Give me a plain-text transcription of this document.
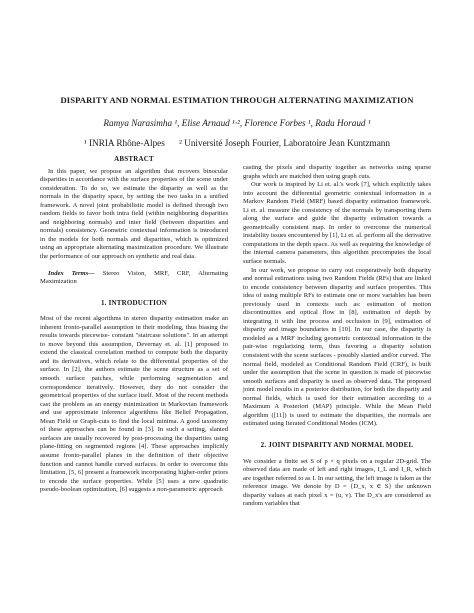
DISPARITY AND NORMAL ESTIMATION THROUGH ALTERNATING MAXIMIZATION
Ramya Narasimha ¹, Elise Arnaud ¹·², Florence Forbes ¹, Radu Horaud ¹
¹ INRIA Rhône-Alpes ² Université Joseph Fourier, Laboratoire Jean Kuntzmann

ABSTRACT

In this paper, we propose an algorithm that recovers binocular disparities in accordance with the surface properties of the scene under consideration. To do so, we estimate the disparity as well as the normals in the disparity space, by setting the two tasks in a unified framework. A novel joint probabilistic model is defined through two random fields to favor both intra field (within neighboring disparities and neighboring normals) and inter field (between disparities and normals) consistency. Geometric contextual information is introduced in the models for both normals and disparities, which is optimized using an appropriate alternating maximization procedure. We illustrate the performance of our approach on synthetic and real data.

Index Terms— Stereo Vision, MRF, CRF, Alternating Maximization

1. INTRODUCTION

Most of the recent algorithms in stereo disparity estimation make an inherent fronto-parallel assumption in their modeling, thus biasing the results towards piecewise- constant "staircase solutions". In an attempt to move beyond this assumption, Devernay et. al. [1] proposed to extend the classical correlation method to compute both the disparity and its derivatives, which relate to the differential properties of the surface. In [2], the authors estimate the scene structure as a set of smooth surface patches, while performing segmentation and correspondence iteratively. However, they do not consider the geometrical properties of the surface itself. Most of the recent methods cast the problem as an energy minimization in Markovian framework and use approximate inference algorithms like Belief Propagation, Mean Field or Graph-cuts to find the local minima. A good taxonomy of these approaches can be found in [3]. In such a setting, slanted surfaces are usually recovered by post-processing the disparities using plane-fitting on segmented regions [4]. These approaches implicitly assume fronto-parallel planes in the definition of their objective function and cannot handle curved surfaces. In order to overcome this limitation, [5, 6] present a framework incorporating higher-order priors to encode the surface properties. While [5] uses a new quadratic pseudo-boolean optimization, [6] suggests a non-parametric approach

casting the pixels and disparity together as networks using sparse graphs which are matched then using graph cuts.

Our work is inspired by Li et. al.'s work [7], which explicitly takes into account the differential geometric contextual information in a Markov Random Field (MRF) based disparity estimation framework. Li et. al. measure the consistency of the normals by transporting them along the surface and guide the disparity estimation towards a geometrically consistent map. In order to overcome the numerical instability issues encountered by [1], Li et. al. perform all the derivative computations in the depth space. As well as requiring the knowledge of the internal camera parameters, this algorithm precomputes the local surface normals.

In our work, we propose to carry out cooperatively both disparity and normal estimations using two Random Fields (RFs) that are linked to encode consistency between disparity and surface properties. This idea of using multiple RFs to estimate one or more variables has been previously used in contexts such as: estimation of motion discontinuities and optical flow in [8], estimation of depth by integrating it with line process and occlusion in [9], estimation of disparity and image boundaries in [10]. In our case, the disparity is modeled as a MRF including geometric contextual information in the pair-wise regularizing term, thus favoring a disparity solution consistent with the scene surfaces - possibly slanted and/or curved. The normal field, modeled as Conditional Random Field (CRF), is built under the assumption that the scene in question is made of piecewise smooth surfaces and disparity is used as observed data. The proposed joint model results in a posterior distribution, for both the disparity and normal fields, which is used for their estimation according to a Maximum A Posteriori (MAP) principle. While the Mean Field algorithm ([11]) is used to estimate the disparities, the normals are estimated using Iterated Conditional Modes (ICM).

2. JOINT DISPARITY AND NORMAL MODEL

We consider a finite set S of p × q pixels on a regular 2D-grid. The observed data are made of left and right images, I_L and I_R, which are together referred to as I. In our setting, the left image is taken as the reference image. We denote by D = {D_x, x ∈ S} the unknown disparity values at each pixel x = (u, v). The D_x's are considered as random variables that
